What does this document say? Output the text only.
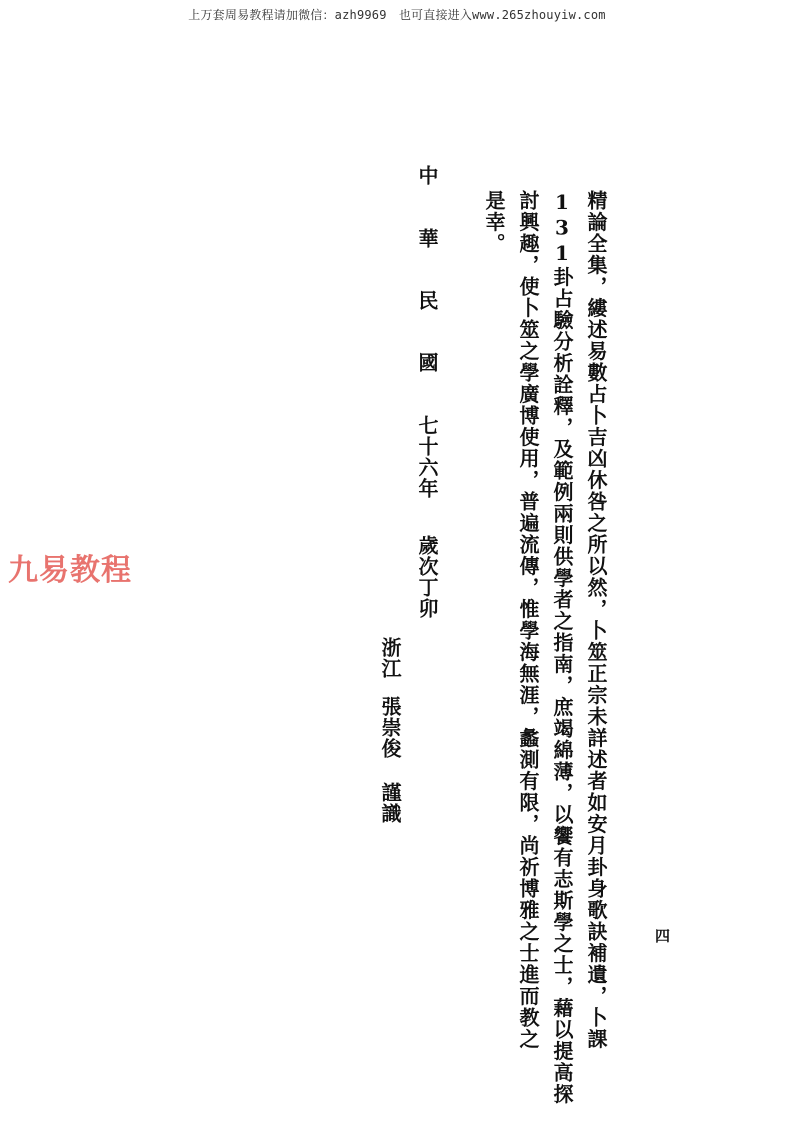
上万套周易教程请加微信：azh9969　也可直接进入www.265zhouyiw.com
精論全集，縷述易數占卜吉凶休咎之所以然，卜筮正宗未詳述者如安月卦身歌訣補遺，卜課
131卦占驗分析詮釋，及範例兩則供學者之指南，庶竭綿薄，以饗有志斯學之士，藉以提高探
討興趣，使卜筮之學廣博使用，普遍流傳，惟學海無涯，蠡測有限，尚祈博雅之士進而教之
是幸。
中
華
民
國
七十六年
歲次丁卯
浙江
張崇俊
謹識
四
九易教程
